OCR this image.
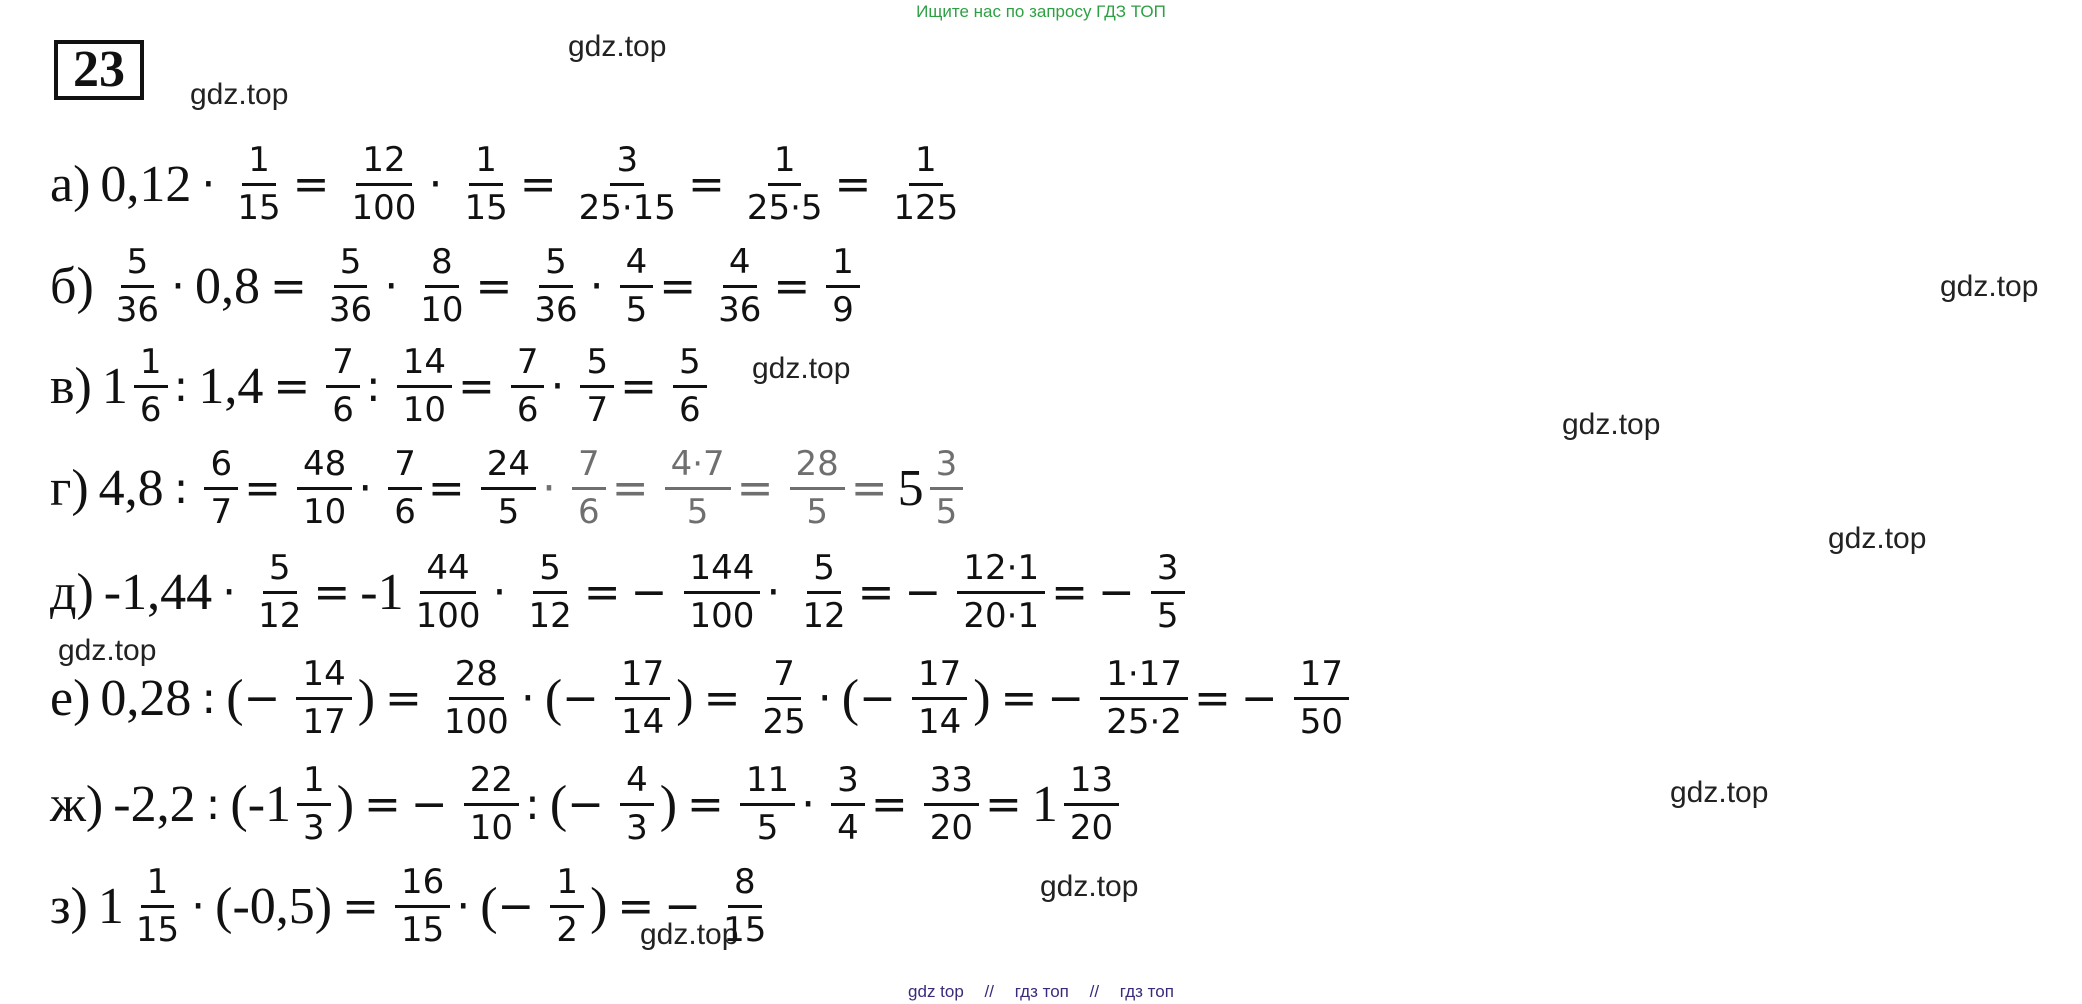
Ищите нас по запросу ГДЗ ТОП
23	gdz.top
gdz.top
gdz.top
gdz.top
gdz.top
gdz.top
gdz.top
gdz.top
gdz.top
gdz.top
а) $0,12 \cdot \frac{1}{15} = \frac{12}{100} \cdot \frac{1}{15} = \frac{3}{25\cdot 15} = \frac{1}{25\cdot 5} = \frac{1}{125}$
$б) \frac{5}{36} \cdot 0,8 = \frac{5}{36} \cdot \frac{8}{10} = \frac{5}{36} \cdot \frac{4}{5} = \frac{4}{36} = \frac{1}{9}$
в) $1 \frac{1}{6}$ : $1,4 = \frac{7}{6}$ : $\frac{14}{10} = \frac{7}{6} \cdot \frac{5}{7} = \frac{5}{6}$
г) 4,8 : $\frac{6}{7} = \frac{48}{10} \cdot \frac{7}{6} = \frac{24}{5} \cdot \frac{7}{6} = \frac{4\cdot 7}{5} = \frac{28}{5} = 5 \frac{3}{5}$
д) $-1,44 \cdot \frac{5}{12} = -1 \frac{44}{100} \cdot \frac{5}{12}$ = − $\frac{144}{100} \cdot \frac{5}{12}$ = − $\frac{12\cdot 1}{20\cdot 1}$ = − $\frac{3}{5}$
е) 0,28 : ( − $\frac{14}{17}$ ) = $\frac{28}{100}$ · ( − $\frac{17}{14}$ ) = $\frac{7}{25}$ · ( − $\frac{17}{14}$ ) = − $\frac{1\cdot 17}{25\cdot 2}$ = − $\frac{17}{50}$
ж) -2,2 : ($-1 \frac{1}{3}$ ) = − $\frac{22}{10}$ : ( − $\frac{4}{3}$ ) = $\frac{11}{5} \cdot \frac{3}{4} = \frac{33}{20} = 1 \frac{13}{20}$
з) $1 \frac{1}{15} \cdot (-0,5) = \frac{16}{15}$ · ( − $\frac{1}{2}$ ) = − $\frac{8}{15}$
gdz top // гдз топ // гдз топ
